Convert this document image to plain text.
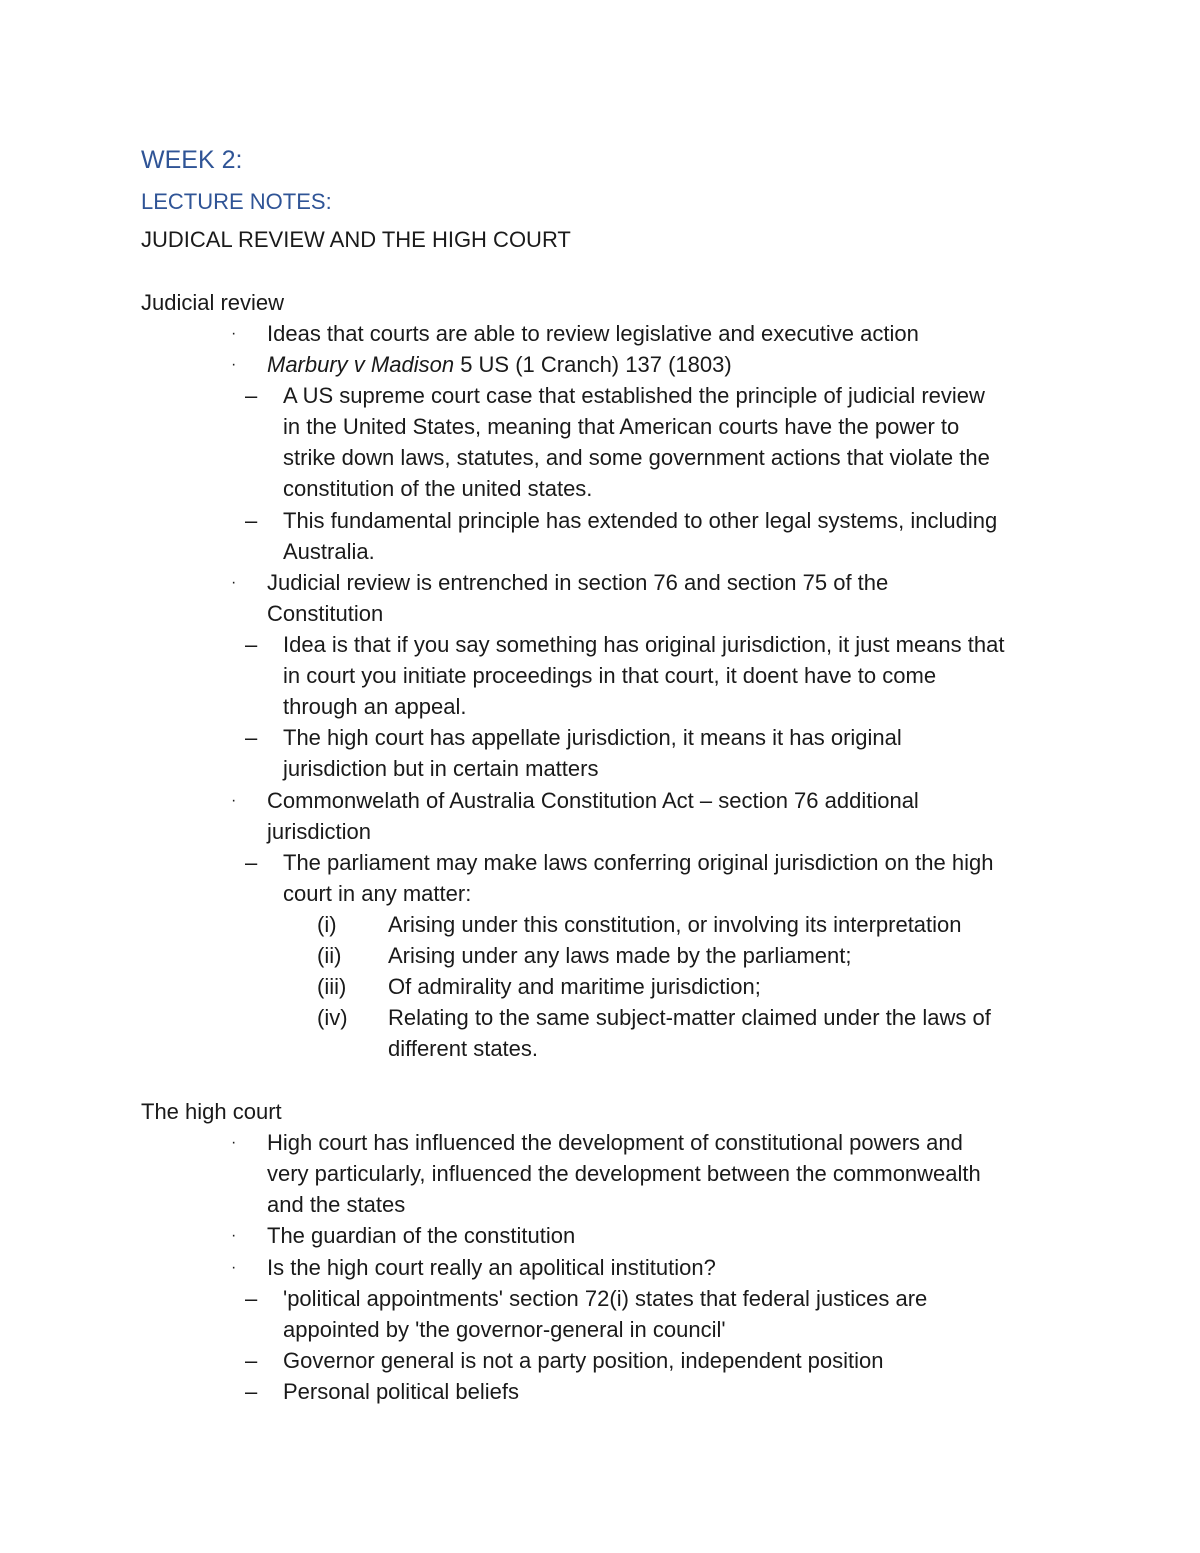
WEEK 2:
LECTURE NOTES:
JUDICAL REVIEW AND THE HIGH COURT
Judicial review
· Ideas that courts are able to review legislative and executive action
· Marbury v Madison 5 US (1 Cranch) 137 (1803)
– A US supreme court case that established the principle of judicial review
in the United States, meaning that American courts have the power to
strike down laws, statutes, and some government actions that violate the
constitution of the united states.
– This fundamental principle has extended to other legal systems, including
Australia.
· Judicial review is entrenched in section 76 and section 75 of the
Constitution
– Idea is that if you say something has original jurisdiction, it just means that
in court you initiate proceedings in that court, it doent have to come
through an appeal.
– The high court has appellate jurisdiction, it means it has original
jurisdiction but in certain matters
· Commonwelath of Australia Constitution Act – section 76 additional
jurisdiction
– The parliament may make laws conferring original jurisdiction on the high
court in any matter:
(i) Arising under this constitution, or involving its interpretation
(ii) Arising under any laws made by the parliament;
(iii) Of admirality and maritime jurisdiction;
(iv) Relating to the same subject-matter claimed under the laws of
different states.
The high court
· High court has influenced the development of constitutional powers and
very particularly, influenced the development between the commonwealth
and the states
· The guardian of the constitution
· Is the high court really an apolitical institution?
– 'political appointments' section 72(i) states that federal justices are
appointed by 'the governor-general in council'
– Governor general is not a party position, independent position
– Personal political beliefs
